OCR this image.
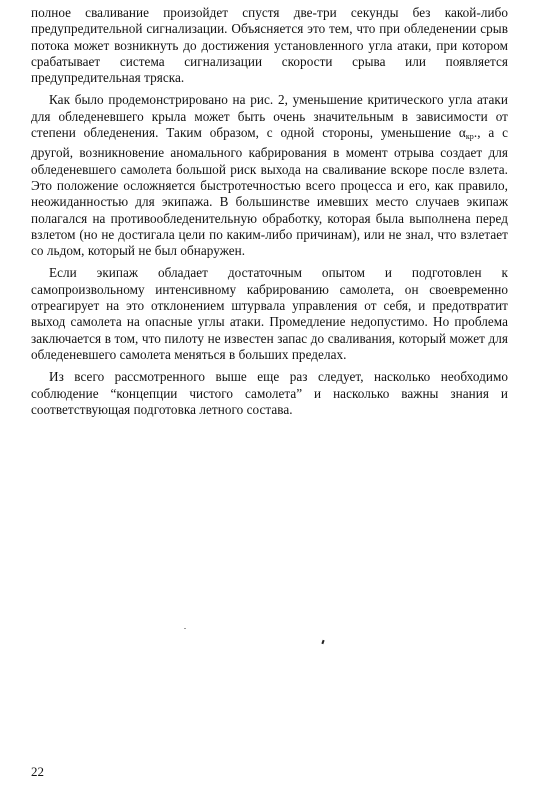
полное сваливание произойдет спустя две-три секунды без какой-либо предупредительной сигнализации. Объясняется это тем, что при обледенении срыв потока может возникнуть до достижения установленного угла атаки, при котором срабатывает система сигнализации скорости срыва или появляется предупредительная тряска.

Как было продемонстрировано на рис. 2, уменьшение критического угла атаки для обледеневшего крыла может быть очень значительным в зависимости от степени обледенения. Таким образом, с одной стороны, уменьшение $\alpha_{кр}$., а с другой, возникновение аномального кабрирования в момент отрыва создает для обледеневшего самолета большой риск выхода на сваливание вскоре после взлета. Это положение осложняется быстротечностью всего процесса и его, как правило, неожиданностью для экипажа. В большинстве имевших место случаев экипаж полагался на противообледенительную обработку, которая была выполнена перед взлетом (но не достигала цели по каким-либо причинам), или не знал, что взлетает со льдом, который не был обнаружен.

Если экипаж обладает достаточным опытом и подготовлен к самопроизвольному интенсивному кабрированию самолета, он своевременно отреагирует на это отклонением штурвала управления от себя, и предотвратит выход самолета на опасные углы атаки. Промедление недопустимо. Но проблема заключается в том, что пилоту не известен запас до сваливания, который может для обледеневшего самолета меняться в больших пределах.

Из всего рассмотренного выше еще раз следует, насколько необходимо соблюдение “концепции чистого самолета” и насколько важны знания и соответствующая подготовка летного состава.

22
